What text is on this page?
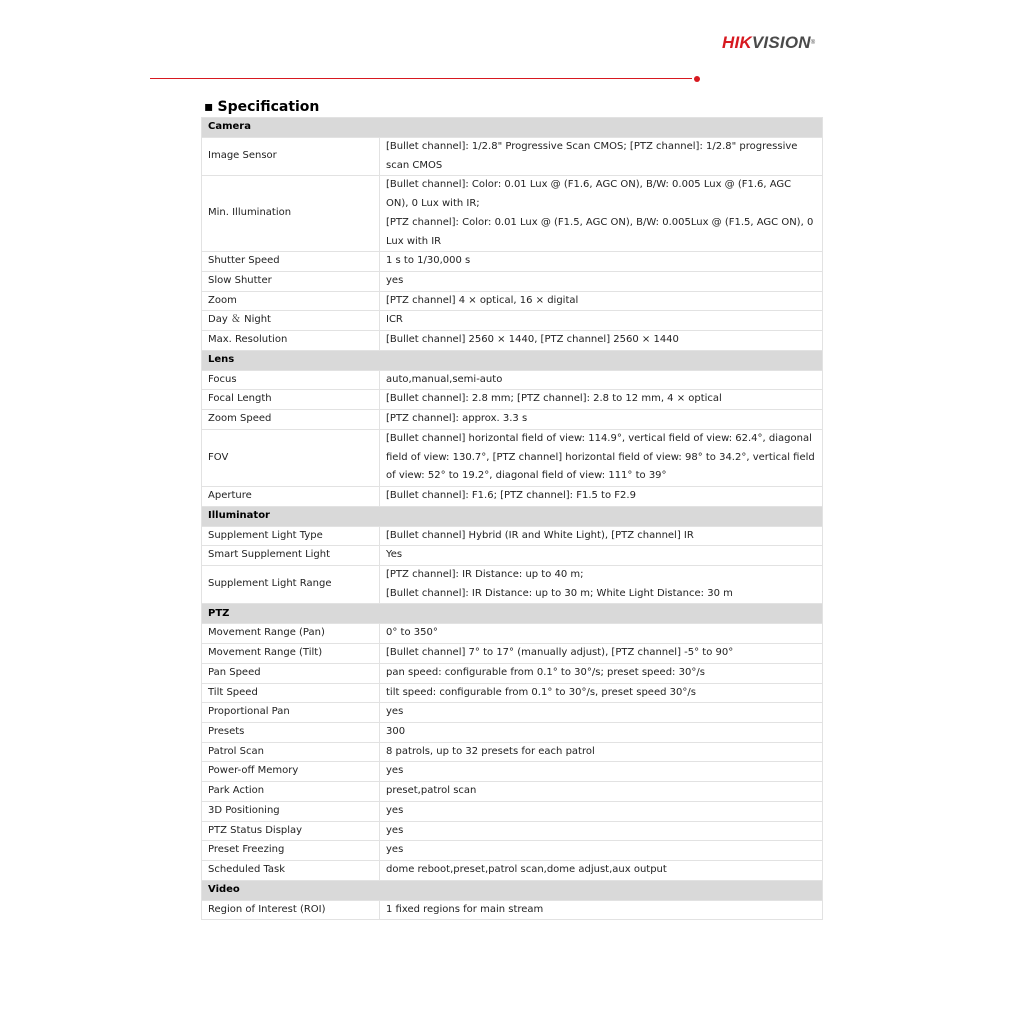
HIKVISION®
▪ Specification
Camera	
Image Sensor	[Bullet channel]: 1/2.8" Progressive Scan CMOS; [PTZ channel]: 1/2.8" progressive scan CMOS

Min. Illumination	[Bullet channel]: Color: 0.01 Lux @ (F1.6, AGC ON), B/W: 0.005 Lux @ (F1.6, AGC ON), 0 Lux with IR;
[PTZ channel]: Color: 0.01 Lux @ (F1.5, AGC ON), B/W: 0.005Lux @ (F1.5, AGC ON), 0 Lux with IR

Shutter Speed	1 s to 1/30,000 s

Slow Shutter	yes

Zoom	[PTZ channel] 4 × optical, 16 × digital

Day ＆ Night	ICR

Max. Resolution	[Bullet channel] 2560 × 1440, [PTZ channel] 2560 × 1440

Lens	
Focus	auto,manual,semi-auto

Focal Length	[Bullet channel]: 2.8 mm; [PTZ channel]: 2.8 to 12 mm, 4 × optical

Zoom Speed	[PTZ channel]: approx. 3.3 s

FOV	[Bullet channel] horizontal field of view: 114.9°, vertical field of view: 62.4°, diagonal field of view: 130.7°, [PTZ channel] horizontal field of view: 98° to 34.2°, vertical field of view: 52° to 19.2°, diagonal field of view: 111° to 39°

Aperture	[Bullet channel]: F1.6; [PTZ channel]: F1.5 to F2.9

Illuminator	
Supplement Light Type	[Bullet channel] Hybrid (IR and White Light), [PTZ channel] IR

Smart Supplement Light	Yes

Supplement Light Range	[PTZ channel]: IR Distance: up to 40 m;
[Bullet channel]: IR Distance: up to 30 m; White Light Distance: 30 m

PTZ	
Movement Range (Pan)	0° to 350°

Movement Range (Tilt)	[Bullet channel] 7° to 17° (manually adjust), [PTZ channel] -5° to 90°

Pan Speed	pan speed: configurable from 0.1° to 30°/s; preset speed: 30°/s

Tilt Speed	tilt speed: configurable from 0.1° to 30°/s, preset speed 30°/s

Proportional Pan	yes

Presets	300

Patrol Scan	8 patrols, up to 32 presets for each patrol

Power-off Memory	yes

Park Action	preset,patrol scan

3D Positioning	yes

PTZ Status Display	yes

Preset Freezing	yes

Scheduled Task	dome reboot,preset,patrol scan,dome adjust,aux output

Video	
Region of Interest (ROI)	1 fixed regions for main stream
